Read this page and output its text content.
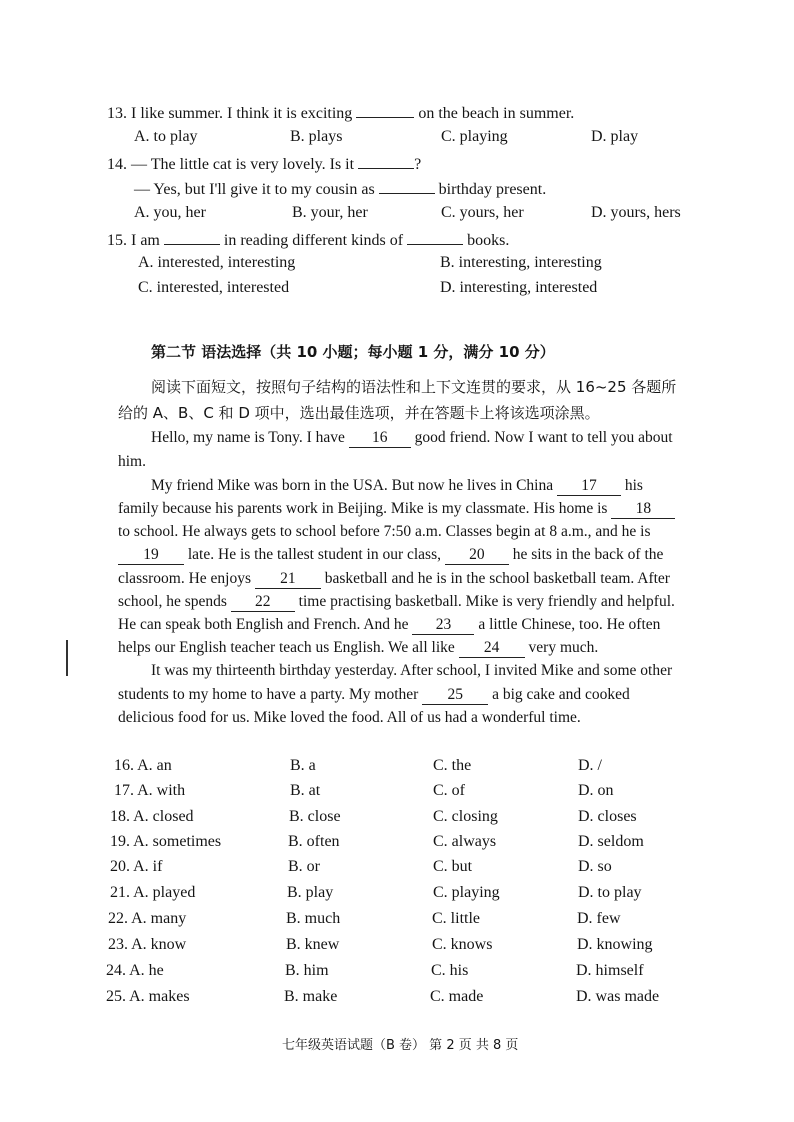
13. I like summer. I think it is exciting	on the beach in summer.
A. to play	B. plays	C. playing	D. play
14. — The little cat is very lovely. Is it	?
— Yes, but I'll give it to my cousin as	birthday present.
A. you, her	B. your, her	C. yours, her	D. yours, hers
15. I am	in reading different kinds of	books.
A. interested, interesting	B. interesting, interesting
C. interested, interested	D. interesting, interested
第二节 语法选择（共 10 小题；每小题 1 分，满分 10 分）
阅读下面短文，按照句子结构的语法性和上下文连贯的要求，从 16~25 各题所
给的 A、B、C 和 D 项中，选出最佳选项，并在答题卡上将该选项涂黑。
Hello, my name is Tony. I have 16 good friend. Now I want to tell you about
him.
My friend Mike was born in the USA. But now he lives in China 17 his
family because his parents work in Beijing. Mike is my classmate. His home is 18
to school. He always gets to school before 7:50 a.m. Classes begin at 8 a.m., and he is
19 late. He is the tallest student in our class, 20 he sits in the back of the
classroom. He enjoys 21 basketball and he is in the school basketball team. After
school, he spends 22 time practising basketball. Mike is very friendly and helpful.
He can speak both English and French. And he 23 a little Chinese, too. He often
helps our English teacher teach us English. We all like 24 very much.
It was my thirteenth birthday yesterday. After school, I invited Mike and some other
students to my home to have a party. My mother 25 a big cake and cooked
delicious food for us. Mike loved the food. All of us had a wonderful time.
16. A. an	B. a	C. the	D. /
17. A. with	B. at	C. of	D. on
18. A. closed	B. close	C. closing	D. closes
19. A. sometimes	B. often	C. always	D. seldom
20. A. if	B. or	C. but	D. so
21. A. played	B. play	C. playing	D. to play
22. A. many	B. much	C. little	D. few
23. A. know	B. knew	C. knows	D. knowing
24. A. he	B. him	C. his	D. himself
25. A. makes	B. make	C. made	D. was made
七年级英语试题（B 卷） 第 2 页 共 8 页
